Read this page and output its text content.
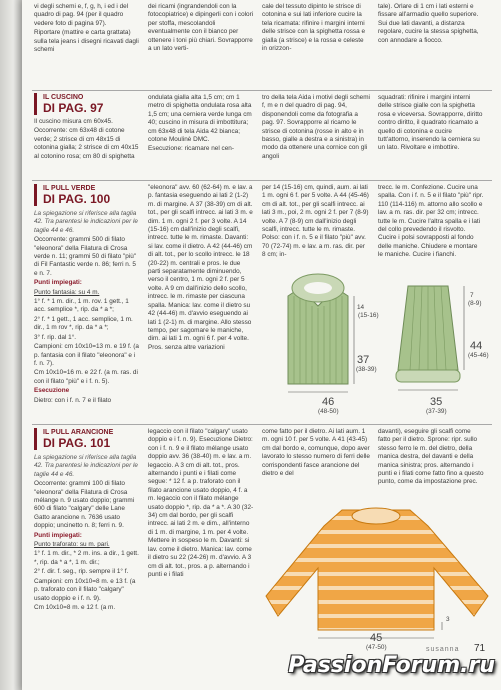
vi degli schemi e, f, g, h, i ed i del quadro di pag. 94 (per il quadro vedere foto di pagina 97).

Riportare (mattire e carta grattata) sulla tela jeans i disegni ricavati dagli schemi

dei ricami (ingrandendoli con la fotocopiatrice) e dipingerli con i colori per stoffa, mescolandoli eventualmente con il bianco per ottenere i toni più chiari. Sovrapporre a un lato verti-

cale del tessuto dipinto le strisce di cotonina e sui lati inferiore cucire la tela ricamata: rifinire i margini interni delle strisce con la spighetta rossa e gialla (a strisce) e la rossa e celeste in orizzon-

tale). Orlare di 1 cm i lati esterni e fissare all'armadio quello superiore. Sui due lati davanti, a distanza regolare, cucire la stessa spighetta, con annodare a fiocco.

IL CUSCINO
DI PAG. 97

Il cuscino misura cm 60x45.

Occorrente: cm 63x48 di cotone verde; 2 strisce di cm 48x15 di cotonina gialla; 2 strisce di cm 40x15 al cotonino rosa; cm 80 di spighetta

ondulata gialla alta 1,5 cm; cm 1 metro di spighetta ondulata rosa alta 1,5 cm; una cernierа verde lunga cm 40; cuscino in misura di imbottitura; cm 63x48 di tela Aida 42 bianca; cotone Moulinè DMC.

Esecuzione: ricamare nel cen-

tro della tela Aida i motivi degli schemi f, m e n del quadro di pag. 94, disponendoli come da fotografia a pag. 97. Sovrapporre al ricamo le strisce di cotonina (rosse in alto e in basso, gialle a destra e a sinistra) in modo da ottenere una cornice con gli angoli

squadrati: rifinire i margini interni delle strisce gialle con la spighetta rosa e viceversa. Sovrapporre, diritto contro diritto, il quadrato ricamato a quello di cotonina e cucire tutt'attorno, inserendo la cerniera su un lato. Rivoltare e imbottire.

IL PULL VERDE
DI PAG. 100

La spiegazione si riferisce alla taglia 42. Tra parentesi le indicazioni per le taglie 44 e 46.

Occorrente: grammi 500 di filato "eleonora" della Filatura di Crosa verde n. 11; grammi 50 di filato "più" di Fil Fantastic verde n. 86; ferri n. 5 e n. 7.

Punti impiegati:

Punto fantasia: su 4 m.

1° f. * 1 m. dir., 1 m. rov. 1 gett., 1 acc. semplice *, rip. da * a *;

2° f. * 1 gett., 1 acc. semplice, 1 m. dir., 1 m rov *, rip. da * a *;

3° f. rip. dal 1°.

Campioni: cm 10x10=13 m. e 19 f. (a p. fantasia con il filato "eleonora" e i f. n. 7).

Cm 10x10=16 m. e 22 f. (a m. ras. di con il filato "più" e i f. n. 5).

Esecuzione

Dietro: con i f. n. 7 e il filato

"eleonora" avv. 60 (62-64) m. e lav. a p. fantasia eseguendo ai lati 2 (1-2) m. di margine. A 37 (38-39) cm di alt. tot., per gli scalfi intrecc. ai lati 3 m. e dim. 1 m. ogni 2 f. per 3 volte. A 14 (15-16) cm dall'inizio degli scalfi, intrecc. tutte le m. rimaste. Davanti: si lav. come il dietro. A 42 (44-46) cm di alt. tot., per lo scollo intrecc. le 18 (20-22) m. centrali e pros. le due parti separatamente diminuendo, verso il centro, 1 m. ogni 2 f. per 5 volte. A 9 cm dall'inizio dello scollo, intrecc. le m. rimaste per ciascuna spalla. Manica: lav. come il dietro su 42 (44-46) m. d'avvio eseguendo ai lati 1 (2-1) m. di margine. Allo stesso tempo, per sagomare le maniche, dim. ai lati 1 m. ogni 6 f. per 4 volte. Pros. senza altre variazioni

per 14 (15-16) cm, quindi, aum. ai lati 1 m. ogni 6 f. per 5 volte. A 44 (45-46) cm di alt. tot., per gli scalfi intrecc. ai lati 3 m., poi, 2 m. ogni 2 f. per 7 (8-9) volte. A 7 (8-9) cm dall'inizio degli scalfi, intrecc. tutte le m. rimaste. Polso: con i f. n. 5 e il filato "più" avv. 70 (72-74) m. e lav. a m. ras. dir. per 8 cm; in-

trecc. le m. Confezione. Cucire una spalla. Con i f. n. 5 e il filato "più" ripr. 110 (114-116) m. attorno allo scollo e lav. a m. ras. dir. per 32 cm; intrecc. tutte le m. Cucire l'altra spalla e i lati del collo prevedendo il risvolto. Cucire i polsi sovrapposti al fondo delle maniche. Chiudere e montare le maniche. Cucire i fianchi.

14
(15-16)
37
(38-39)
46
(48-50)
7
(8-9)
44
(45-46)
35
(37-39)
IL PULL ARANCIONE
DI PAG. 101

La spiegazione si riferisce alla taglia 42. Tra parentesi le indicazioni per le taglie 44 e 46.

Occorrente: grammi 100 di filato "eleonora" della Filatura di Crosa mélange n. 9 usato doppio; grammi 600 di filato "calgary" delle Lane Gatto arancione n. 7636 usato doppio; uncinetto n. 8; ferri n. 9.

Punti impiegati:

Punto traforato: su m. pari.

1° f. 1 m. dir., * 2 m. ins. a dir., 1 gett. *, rip. da * a *, 1 m. dir.;

2° f. dir. f. seg., rip. sempre il 1° f.

Campioni: cm 10x10=8 m. e 13 f. (a p. traforato con il filato "calgary" usato doppio e i f. n. 9).

Cm 10x10=8 m. e 12 f. (a m.

legaccio con il filato "calgary" usato doppio e i f. n. 9). Esecuzione Dietro: con i f. n. 9 e il filato mélange usato doppio avv. 36 (38-40) m. e lav. a m. legaccio. A 3 cm di alt. tot., pros. alternando i punti e i filati come segue: * 12 f. a p. traforato con il filato arancione usato doppio, 4 f. a m. legaccio con il filato mélange usato doppio *, rip. da * a *. A 30 (32-34) cm dal bordo, per gli scalfi intrecc. ai lati 2 m. e dim., all'interno di 1 m. di margine, 1 m. per 4 volte. Mettere in sospeso le m. Davanti: si lav. come il dietro. Manica: lav. come il dietro su 22 (24-26) m. d'avvio. A 3 cm di alt. tot., pros. a p. alternando i punti e i filati

come fatto per il dietro. Ai lati aum. 1 m. ogni 10 f. per 5 volte. A 41 (43-45) cm dal bordo e, comunque, dopo aver lavorato lo stesso numero di ferri delle corrispondenti fasce arancione del dietro e del

davanti), eseguire gli scalfi come fatto per il dietro. Sprone: ripr. sullo stesso ferro le m. del dietro, della manica destra, del davanti e della manica sinistra; pros. alternando i punti e i filati come fatto fino a questo punto, come da impostazione prec.

45
(47-50)
3
susanna 71
PassionForum.ru
